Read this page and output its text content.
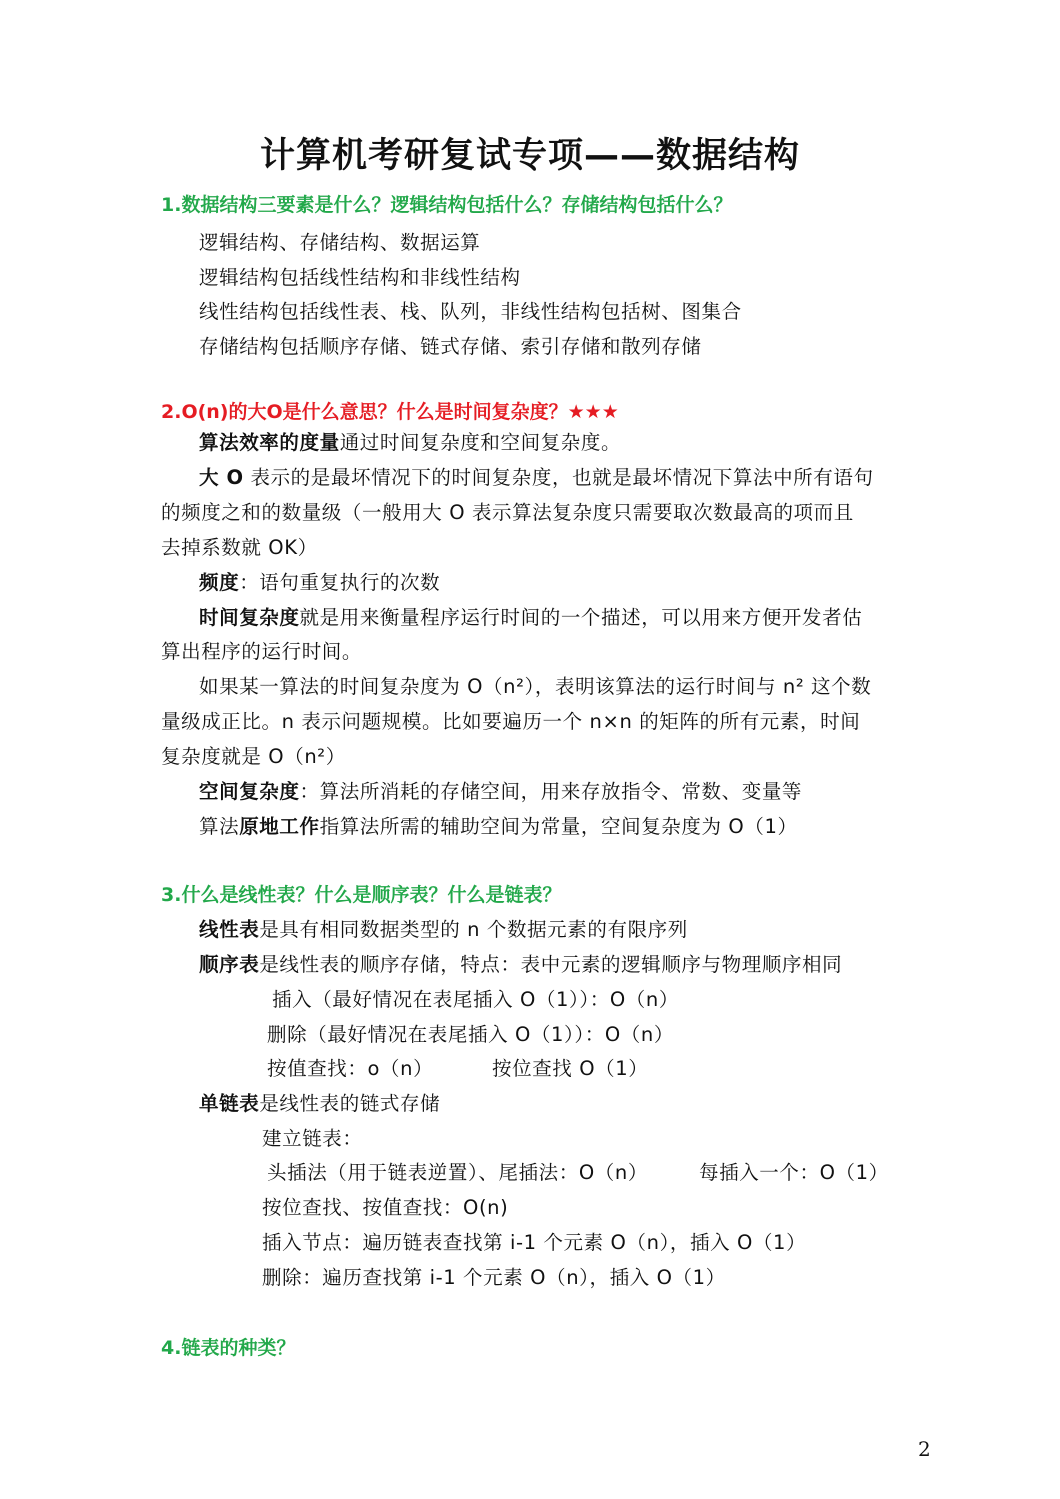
计算机考研复试专项——数据结构
1.数据结构三要素是什么？逻辑结构包括什么？存储结构包括什么？
逻辑结构、存储结构、数据运算
逻辑结构包括线性结构和非线性结构
线性结构包括线性表、栈、队列，非线性结构包括树、图集合
存储结构包括顺序存储、链式存储、索引存储和散列存储
2.O(n)的大O是什么意思？什么是时间复杂度？★★★
算法效率的度量通过时间复杂度和空间复杂度。
大 O 表示的是最坏情况下的时间复杂度，也就是最坏情况下算法中所有语句
的频度之和的数量级（一般用大 O 表示算法复杂度只需要取次数最高的项而且
去掉系数就 OK）
频度：语句重复执行的次数
时间复杂度就是用来衡量程序运行时间的一个描述，可以用来方便开发者估
算出程序的运行时间。
如果某一算法的时间复杂度为 O（n²），表明该算法的运行时间与 n² 这个数
量级成正比。n 表示问题规模。比如要遍历一个 n×n 的矩阵的所有元素，时间
复杂度就是 O（n²）
空间复杂度：算法所消耗的存储空间，用来存放指令、常数、变量等
算法原地工作指算法所需的辅助空间为常量，空间复杂度为 O（1）
3.什么是线性表？什么是顺序表？什么是链表？
线性表是具有相同数据类型的 n 个数据元素的有限序列
顺序表是线性表的顺序存储，特点：表中元素的逻辑顺序与物理顺序相同
插入（最好情况在表尾插入 O（1））：O（n）
删除（最好情况在表尾插入 O（1））：O（n）
按值查找：o（n）	按位查找 O（1）
单链表是线性表的链式存储
建立链表：
头插法（用于链表逆置）、尾插法：O（n）	每插入一个：O（1）
按位查找、按值查找：O(n)
插入节点：遍历链表查找第 i-1 个元素 O（n），插入 O（1）
删除：遍历查找第 i-1 个元素 O（n），插入 O（1）
4.链表的种类？
2
